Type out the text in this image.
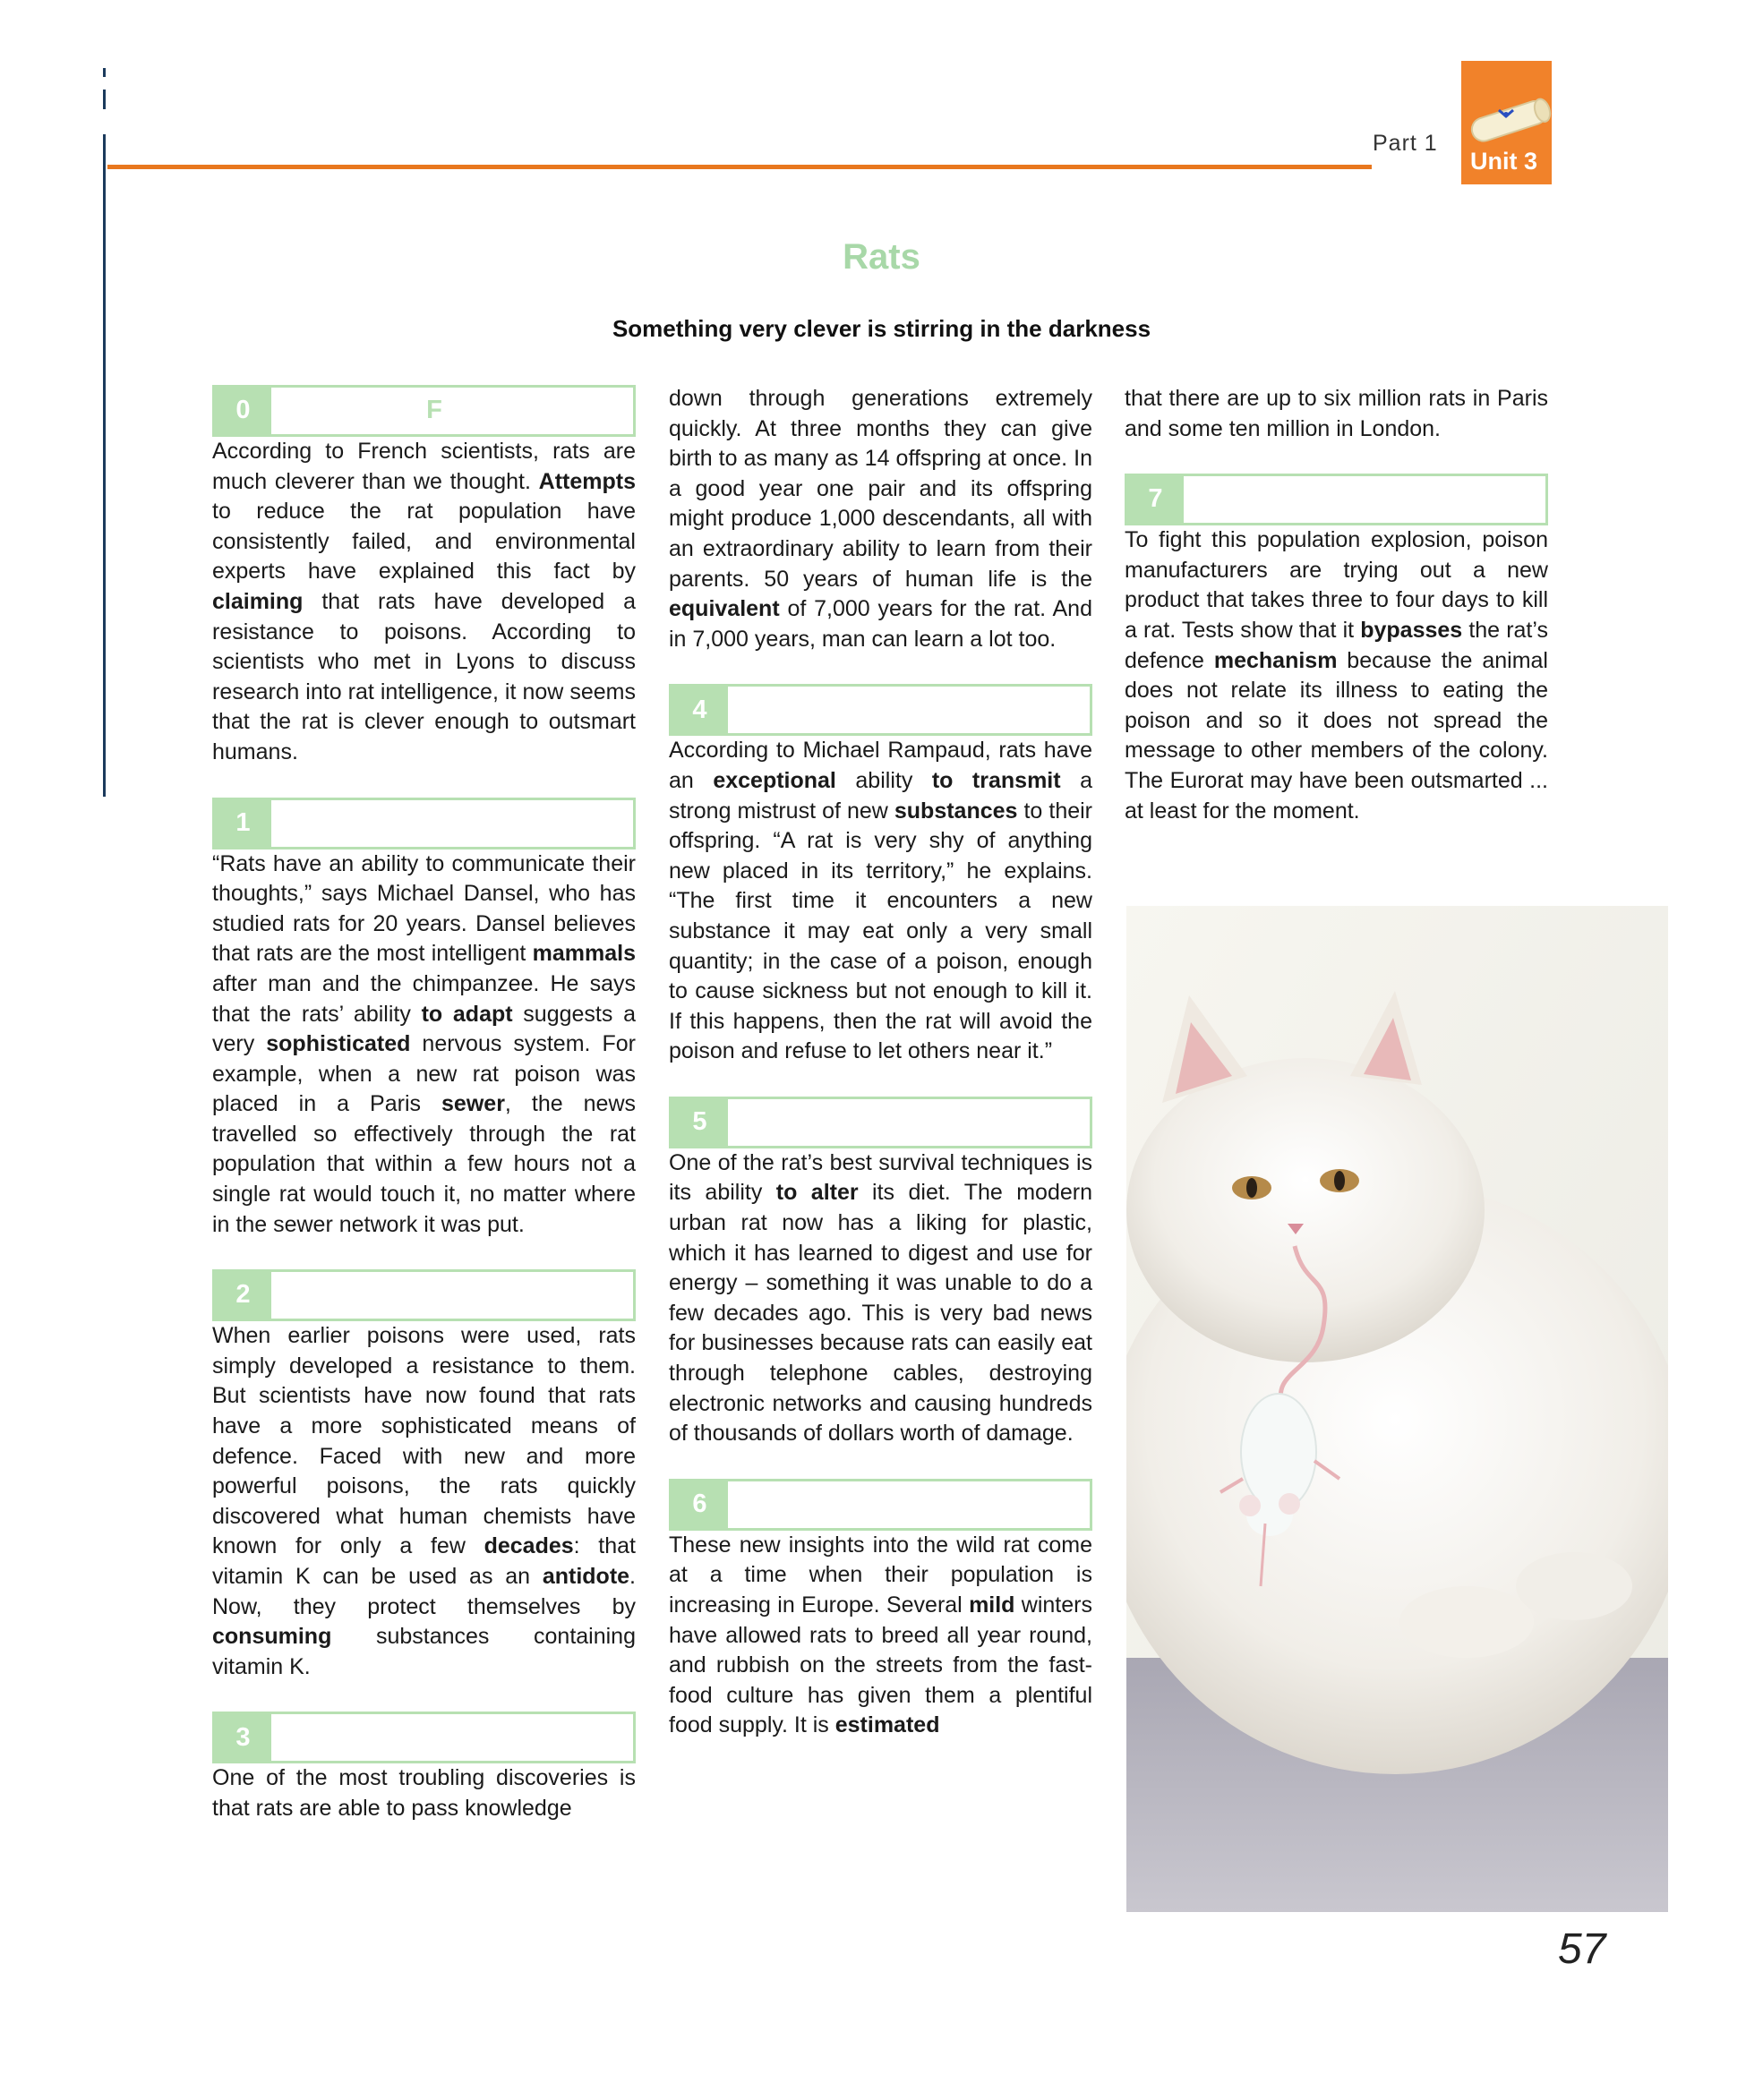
Part 1
Unit 3
Rats
Something very clever is stirring in the darkness
0	F

According to French scientists, rats are much cleverer than we thought. Attempts to reduce the rat population have consistently failed, and environmental experts have explained this fact by claiming that rats have developed a resistance to poisons. According to scientists who met in Lyons to discuss research into rat intelligence, it now seems that the rat is clever enough to outsmart humans.

1

“Rats have an ability to communicate their thoughts,” says Michael Dansel, who has studied rats for 20 years. Dansel believes that rats are the most intelligent mammals after man and the chimpanzee. He says that the rats’ ability to adapt suggests a very sophisticated nervous system. For example, when a new rat poison was placed in a Paris sewer, the news travelled so effectively through the rat population that within a few hours not a single rat would touch it, no matter where in the sewer network it was put.

2

When earlier poisons were used, rats simply developed a resistance to them. But scientists have now found that rats have a more sophisticated means of defence. Faced with new and more powerful poisons, the rats quickly discovered what human chemists have known for only a few decades: that vitamin K can be used as an antidote. Now, they protect themselves by consuming substances containing vitamin K.

3

One of the most troubling discoveries is that rats are able to pass knowledge

down through generations extremely quickly. At three months they can give birth to as many as 14 offspring at once. In a good year one pair and its offspring might produce 1,000 descendants, all with an extraordinary ability to learn from their parents. 50 years of human life is the equivalent of 7,000 years for the rat. And in 7,000 years, man can learn a lot too.

4

According to Michael Rampaud, rats have an exceptional ability to transmit a strong mistrust of new substances to their offspring. “A rat is very shy of anything new placed in its territory,” he explains. “The first time it encounters a new substance it may eat only a very small quantity; in the case of a poison, enough to cause sickness but not enough to kill it. If this happens, then the rat will avoid the poison and refuse to let others near it.”

5

One of the rat’s best survival techniques is its ability to alter its diet. The modern urban rat now has a liking for plastic, which it has learned to digest and use for energy – something it was unable to do a few decades ago. This is very bad news for businesses because rats can easily eat through telephone cables, destroying electronic networks and causing hundreds of thousands of dollars worth of damage.

6

These new insights into the wild rat come at a time when their population is increasing in Europe. Several mild winters have allowed rats to breed all year round, and rubbish on the streets from the fast-food culture has given them a plentiful food supply. It is estimated

that there are up to six million rats in Paris and some ten million in London.

7

To fight this population explosion, poison manufacturers are trying out a new product that takes three to four days to kill a rat. Tests show that it bypasses the rat’s defence mechanism because the animal does not relate its illness to eating the poison and so it does not spread the message to other members of the colony. The Eurorat may have been outsmarted ... at least for the moment.

57
